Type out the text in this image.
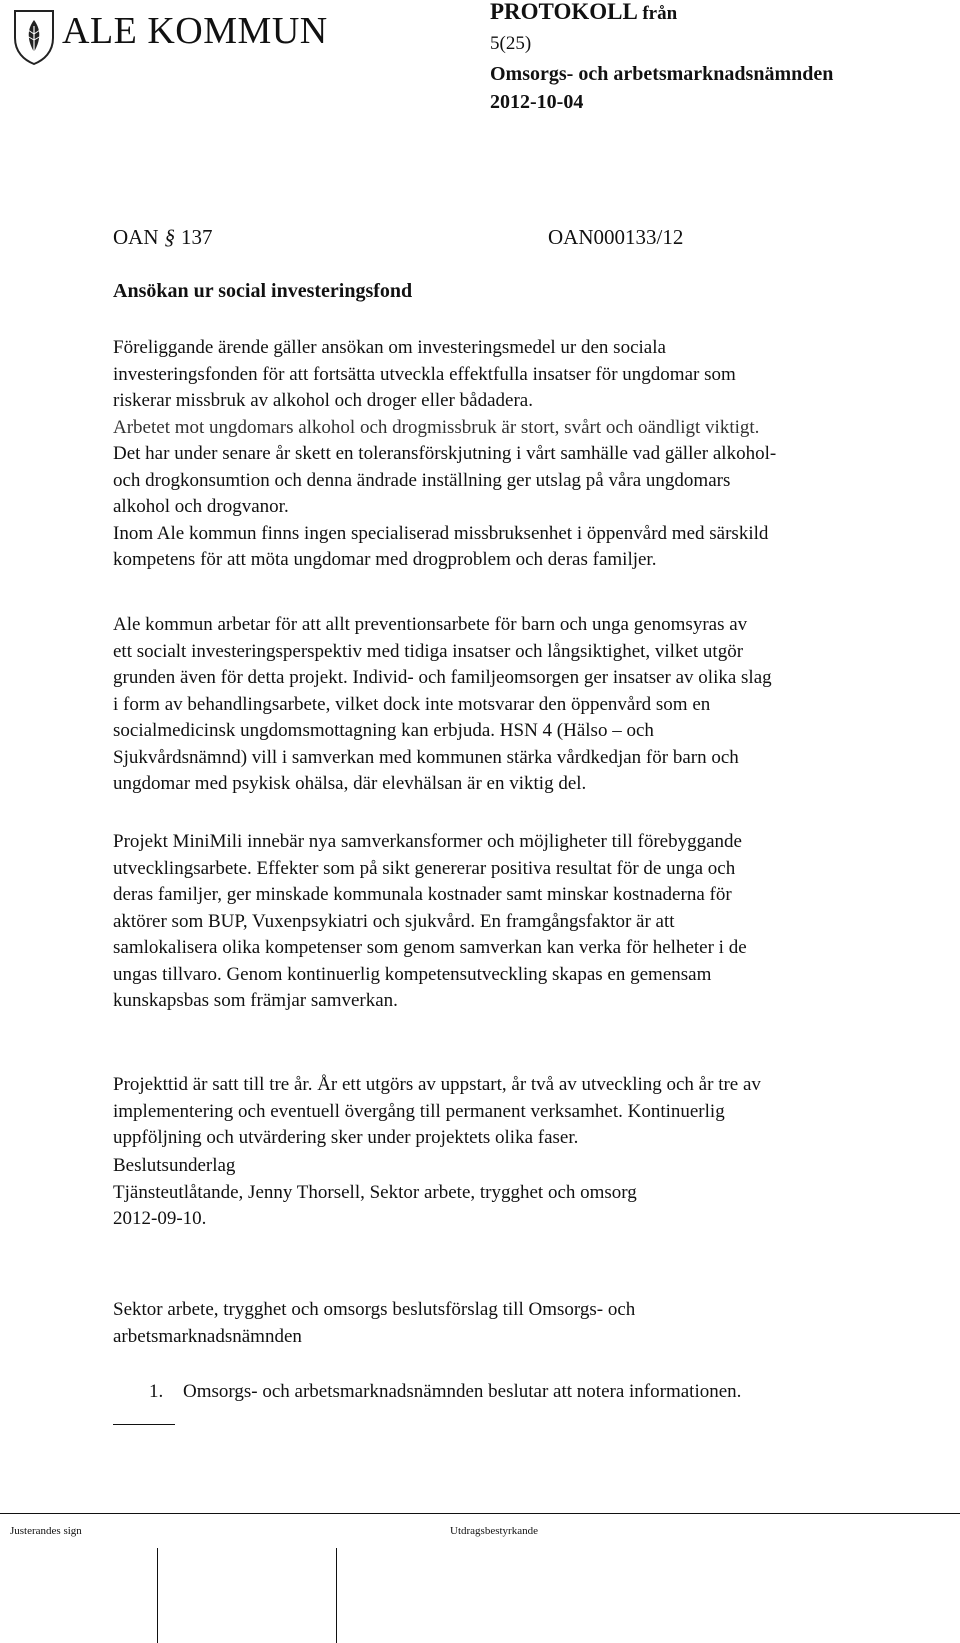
ALE KOMMUN	PROTOKOLL från
5(25)
Omsorgs- och arbetsmarknadsnämnden
2012-10-04
OAN § 137	OAN000133/12
Ansökan ur social investeringsfond

Föreliggande ärende gäller ansökan om investeringsmedel ur den sociala

investeringsfonden för att fortsätta utveckla effektfulla insatser för ungdomar som

riskerar missbruk av alkohol och droger eller bådadera.

Arbetet mot ungdomars alkohol och drogmissbruk är stort, svårt och oändligt viktigt.

Det har under senare år skett en toleransförskjutning i vårt samhälle vad gäller alkohol-

och drogkonsumtion och denna ändrade inställning ger utslag på våra ungdomars

alkohol och drogvanor.

Inom Ale kommun finns ingen specialiserad missbruksenhet i öppenvård med särskild

kompetens för att möta ungdomar med drogproblem och deras familjer.

Ale kommun arbetar för att allt preventionsarbete för barn och unga genomsyras av

ett socialt investeringsperspektiv med tidiga insatser och långsiktighet, vilket utgör

grunden även för detta projekt. Individ- och familjeomsorgen ger insatser av olika slag

i form av behandlingsarbete, vilket dock inte motsvarar den öppenvård som en

socialmedicinsk ungdomsmottagning kan erbjuda. HSN 4 (Hälso – och

Sjukvårdsnämnd) vill i samverkan med kommunen stärka vårdkedjan för barn och

ungdomar med psykisk ohälsa, där elevhälsan är en viktig del.

Projekt MiniMili innebär nya samverkansformer och möjligheter till förebyggande

utvecklingsarbete. Effekter som på sikt genererar positiva resultat för de unga och

deras familjer, ger minskade kommunala kostnader samt minskar kostnaderna för

aktörer som BUP, Vuxenpsykiatri och sjukvård. En framgångsfaktor är att

samlokalisera olika kompetenser som genom samverkan kan verka för helheter i de

ungas tillvaro. Genom kontinuerlig kompetensutveckling skapas en gemensam

kunskapsbas som främjar samverkan.

Projekttid är satt till tre år. År ett utgörs av uppstart, år två av utveckling och år tre av

implementering och eventuell övergång till permanent verksamhet. Kontinuerlig

uppföljning och utvärdering sker under projektets olika faser.

Beslutsunderlag

Tjänsteutlåtande, Jenny Thorsell, Sektor arbete, trygghet och omsorg

2012-09-10.

Sektor arbete, trygghet och omsorgs beslutsförslag till Omsorgs- och

arbetsmarknadsnämnden

1. Omsorgs- och arbetsmarknadsnämnden beslutar att notera informationen.
Justerandes sign	Utdragsbestyrkande
